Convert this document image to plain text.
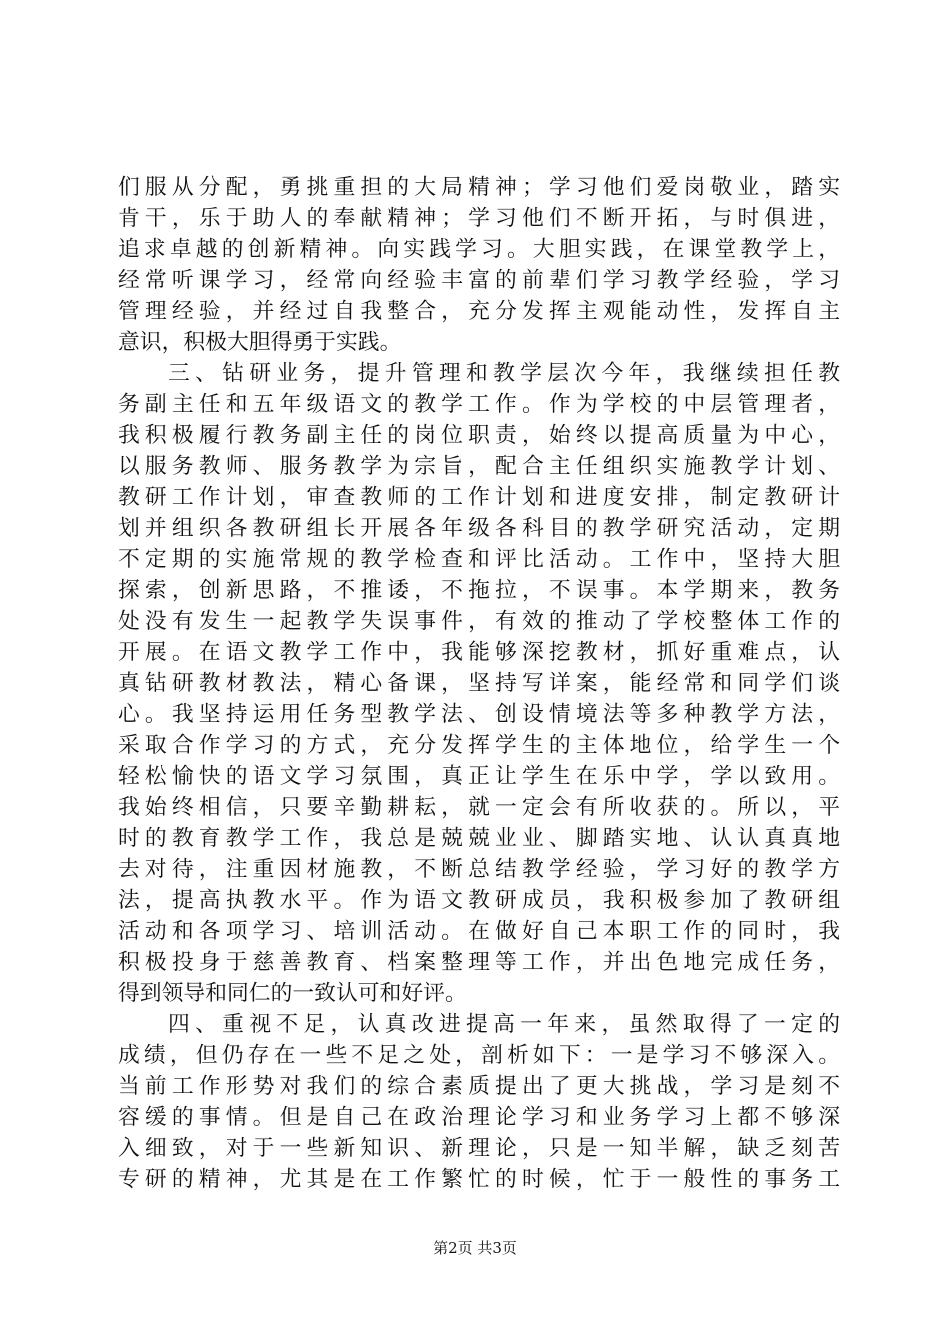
们服从分配，勇挑重担的大局精神；学习他们爱岗敬业，踏实
肯干，乐于助人的奉献精神；学习他们不断开拓，与时俱进，
追求卓越的创新精神。向实践学习。大胆实践，在课堂教学上，
经常听课学习，经常向经验丰富的前辈们学习教学经验，学习
管理经验，并经过自我整合，充分发挥主观能动性，发挥自主
意识，积极大胆得勇于实践。
三、钻研业务，提升管理和教学层次今年，我继续担任教
务副主任和五年级语文的教学工作。作为学校的中层管理者，
我积极履行教务副主任的岗位职责，始终以提高质量为中心，
以服务教师、服务教学为宗旨，配合主任组织实施教学计划、
教研工作计划，审查教师的工作计划和进度安排，制定教研计
划并组织各教研组长开展各年级各科目的教学研究活动，定期
不定期的实施常规的教学检查和评比活动。工作中，坚持大胆
探索，创新思路，不推诿，不拖拉，不误事。本学期来，教务
处没有发生一起教学失误事件，有效的推动了学校整体工作的
开展。在语文教学工作中，我能够深挖教材，抓好重难点，认
真钻研教材教法，精心备课，坚持写详案，能经常和同学们谈
心。我坚持运用任务型教学法、创设情境法等多种教学方法，
采取合作学习的方式，充分发挥学生的主体地位，给学生一个
轻松愉快的语文学习氛围，真正让学生在乐中学，学以致用。
我始终相信，只要辛勤耕耘，就一定会有所收获的。所以，平
时的教育教学工作，我总是兢兢业业、脚踏实地、认认真真地
去对待，注重因材施教，不断总结教学经验，学习好的教学方
法，提高执教水平。作为语文教研成员，我积极参加了教研组
活动和各项学习、培训活动。在做好自己本职工作的同时，我
积极投身于慈善教育、档案整理等工作，并出色地完成任务，
得到领导和同仁的一致认可和好评。
四、重视不足，认真改进提高一年来，虽然取得了一定的
成绩，但仍存在一些不足之处，剖析如下：一是学习不够深入。
当前工作形势对我们的综合素质提出了更大挑战，学习是刻不
容缓的事情。但是自己在政治理论学习和业务学习上都不够深
入细致，对于一些新知识、新理论，只是一知半解，缺乏刻苦
专研的精神，尤其是在工作繁忙的时候，忙于一般性的事务工
第2页 共3页
